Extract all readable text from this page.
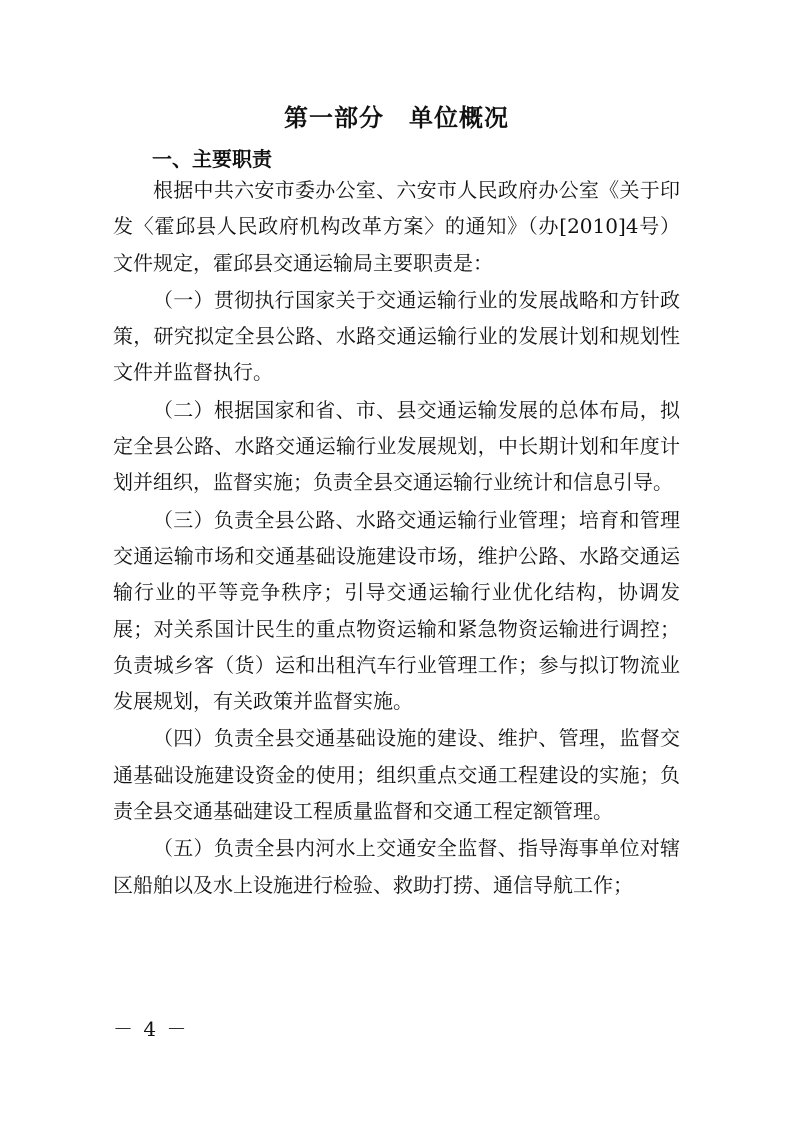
第一部分　单位概况
一、主要职责

根据中共六安市委办公室、六安市人民政府办公室《关于印发〈霍邱县人民政府机构改革方案〉的通知》（办[2010]4号）文件规定，霍邱县交通运输局主要职责是：

（一）贯彻执行国家关于交通运输行业的发展战略和方针政策，研究拟定全县公路、水路交通运输行业的发展计划和规划性文件并监督执行。

（二）根据国家和省、市、县交通运输发展的总体布局，拟定全县公路、水路交通运输行业发展规划，中长期计划和年度计划并组织，监督实施；负责全县交通运输行业统计和信息引导。

（三）负责全县公路、水路交通运输行业管理；培育和管理交通运输市场和交通基础设施建设市场，维护公路、水路交通运输行业的平等竞争秩序；引导交通运输行业优化结构，协调发展；对关系国计民生的重点物资运输和紧急物资运输进行调控；负责城乡客（货）运和出租汽车行业管理工作；参与拟订物流业发展规划，有关政策并监督实施。

（四）负责全县交通基础设施的建设、维护、管理，监督交通基础设施建设资金的使用；组织重点交通工程建设的实施；负责全县交通基础建设工程质量监督和交通工程定额管理。

（五）负责全县内河水上交通安全监督、指导海事单位对辖区船舶以及水上设施进行检验、救助打捞、通信导航工作；

－ 4 －
